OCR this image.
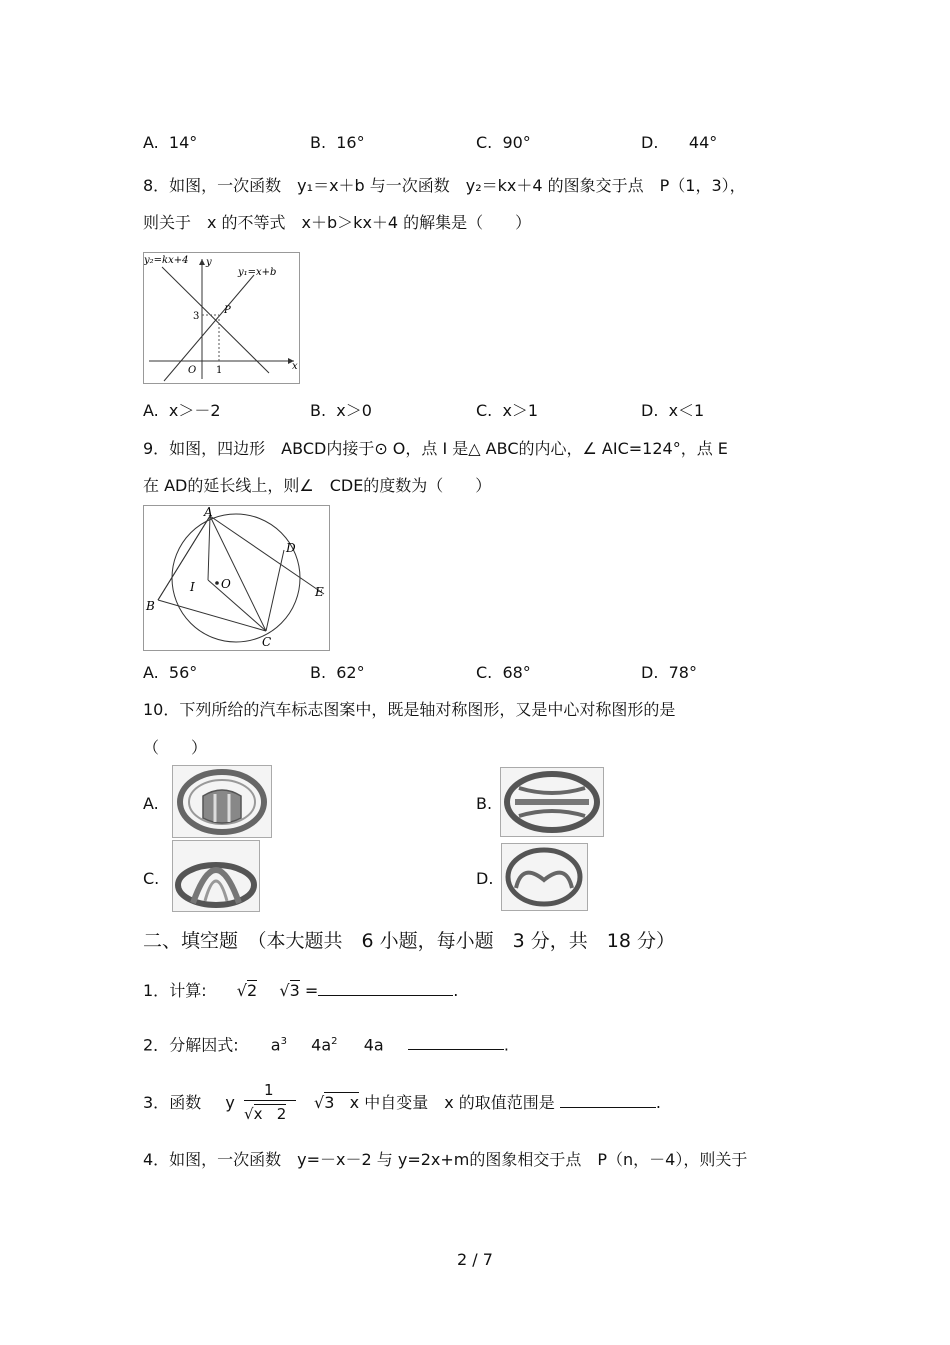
A. 14°	B. 16°	C. 90°	D. 44°
8．如图，一次函数　y₁＝x＋b 与一次函数　y₂＝kx＋4 的图象交于点　P（1，3），
则关于　x 的不等式　x＋b＞kx＋4 的解集是（　　）
y₂=kx+4 y
y₁=x+b
P
3
O 1	x
A. x＞－2	B. x＞0	C. x＞1	D. x＜1
9．如图，四边形　ABCD内接于⊙ O，点 I 是△ ABC的内心，∠ AIC=124°，点 E
在 AD的延长线上，则∠　CDE的度数为（　　）
A
B
C
D
E
I O
A. 56°	B. 62°	C. 68°	D. 78°
10．下列所给的汽车标志图案中，既是轴对称图形，又是中心对称图形的是
（　　）
A.	B.
C.	D.
二、填空题　（本大题共　6 小题，每小题　3 分，共　18 分）
1．计算: √2 √3 =	.
2．分解因式: $a^3$ $4a^2$ 4a	.
3．函数 y
1
√x 2
√3 x 中自变量　x 的取值范围是	.
4．如图，一次函数　y=－x－2 与 y=2x+m的图象相交于点　P（n，－4），则关于
2 / 7
